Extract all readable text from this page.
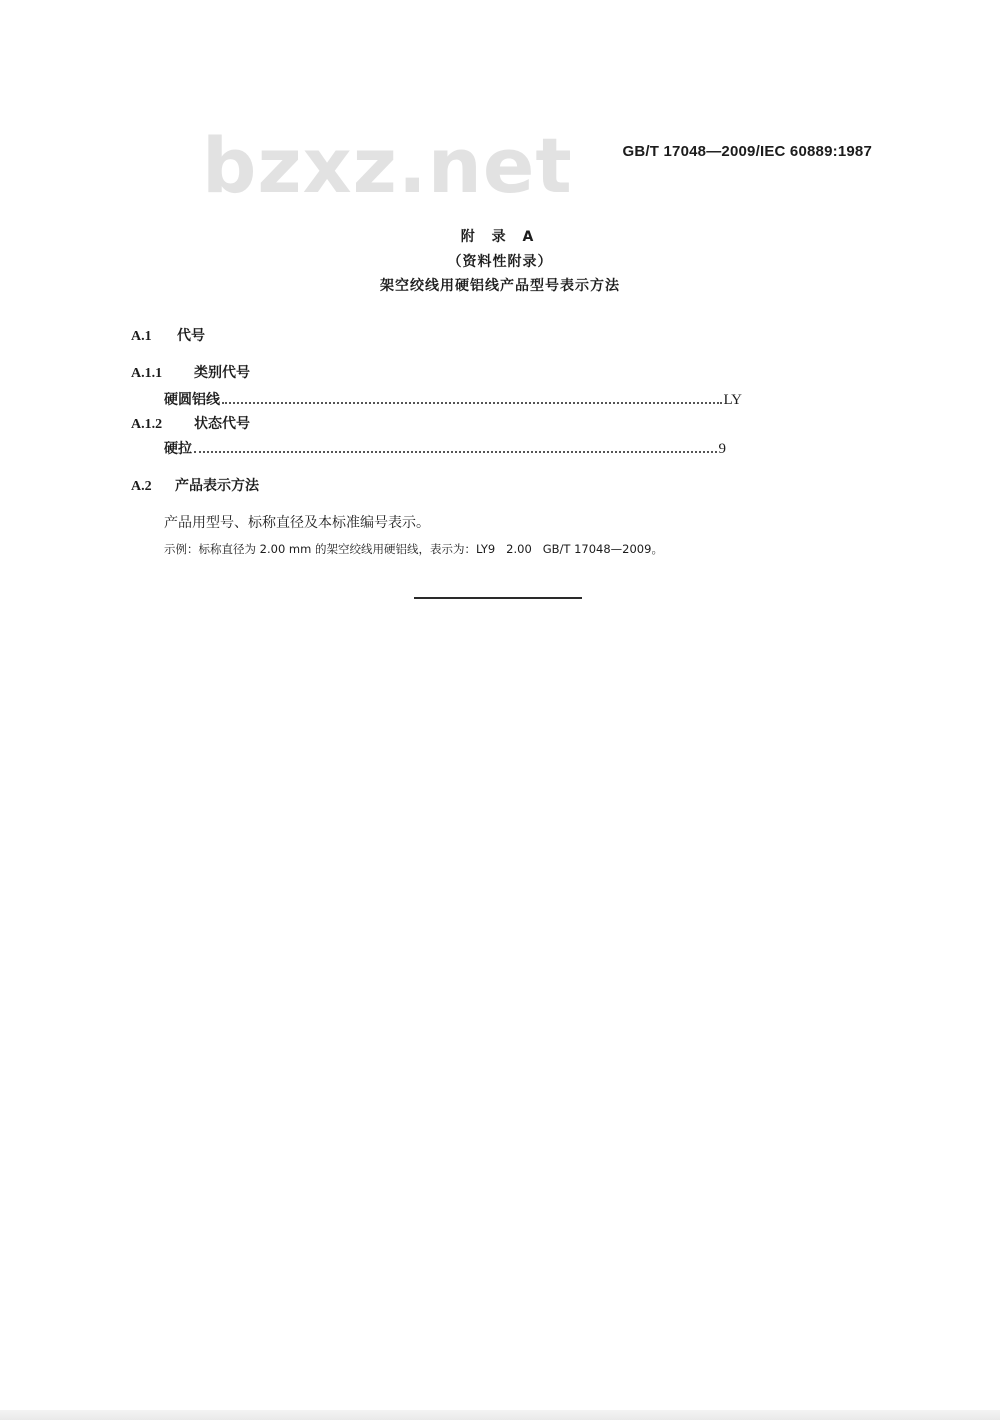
bzxz.net	GB/T 17048—2009/IEC 60889:1987
附 录 A
（资料性附录）
架空绞线用硬铝线产品型号表示方法
A.1 代号
A.1.1 类别代号
硬圆铝线	LY
A.1.2 状态代号
硬拉	9
A.2 产品表示方法
产品用型号、标称直径及本标准编号表示。
示例：标称直径为 2.00 mm 的架空绞线用硬铝线，表示为：LY9   2.00   GB/T 17048—2009。
